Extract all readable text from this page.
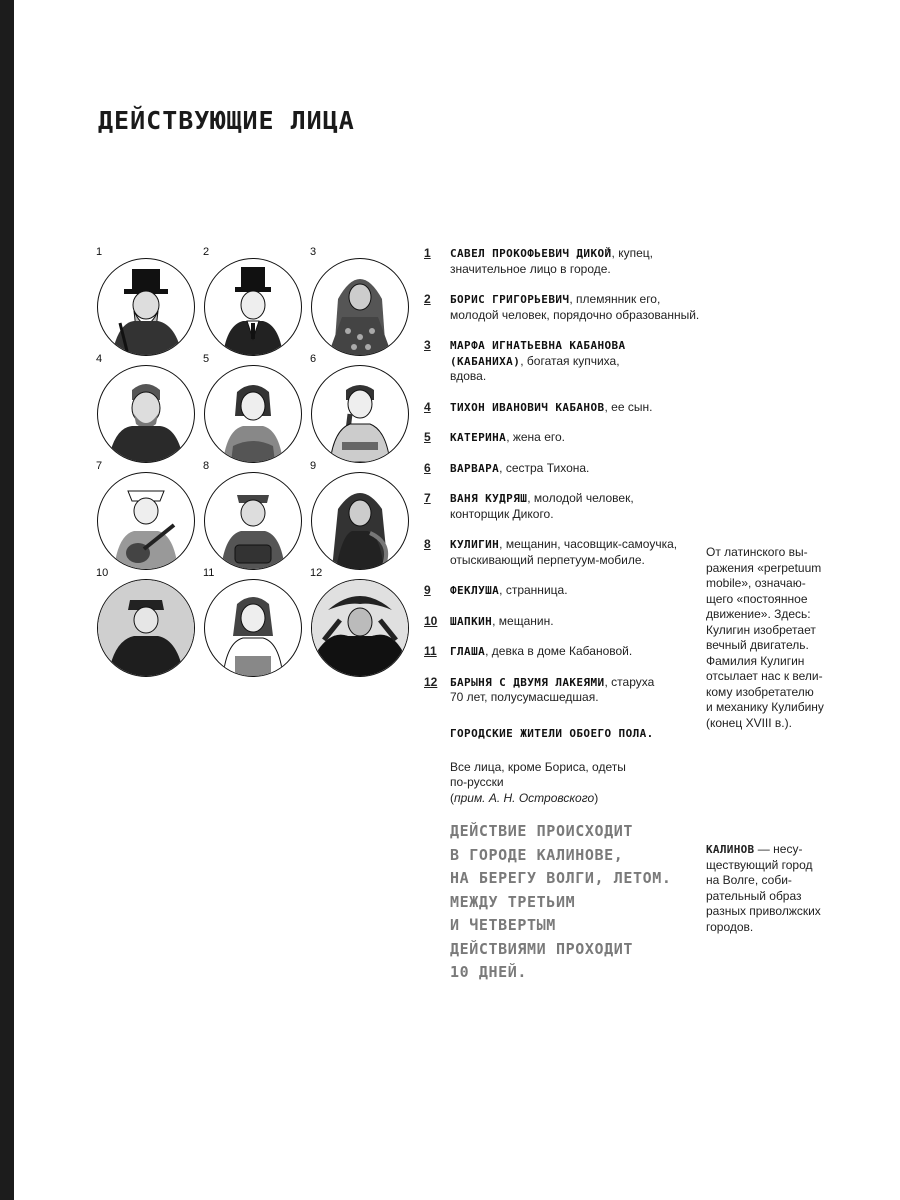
ДЕЙСТВУЮЩИЕ ЛИЦА
1	2	3
4	5	6
7	8	9
10	11	12
1 САВЕЛ ПРОКОФЬЕВИЧ ДИКО́Й, купец, значительное лицо в городе.
2 БОРИС ГРИГОРЬЕВИЧ, племянник его, молодой человек, порядочно образованный.
3 МАРФА ИГНАТЬЕВНА КАБАНОВА (КАБАНИХА), богатая купчиха, вдова.
4 ТИХОН ИВАНОВИЧ КАБАНОВ, ее сын.
5 КАТЕРИНА, жена его.
6 ВАРВАРА, сестра Тихона.
7 ВАНЯ КУДРЯШ, молодой человек, конторщик Дикого.
8 КУЛИГИН, мещанин, часовщик-самоучка, отыскивающий перпетуум-мобиле.
9 ФЕКЛУША, странница.
10 ШАПКИН, мещанин.
11 ГЛАША, девка в доме Кабановой.
12 БАРЫНЯ С ДВУМЯ ЛАКЕЯМИ, старуха 70 лет, полусумасшедшая.
ГОРОДСКИЕ ЖИТЕЛИ ОБОЕГО ПОЛА.
Все лица, кроме Бориса, одеты
по-русски
(прим. А. Н. Островского)
ДЕЙСТВИЕ ПРОИСХОДИТ
В ГОРОДЕ КАЛИНОВЕ,
НА БЕРЕГУ ВОЛГИ, ЛЕТОМ.
МЕЖДУ ТРЕТЬИМ
И ЧЕТВЕРТЫМ
ДЕЙСТВИЯМИ ПРОХОДИТ
10 ДНЕЙ.
От латинского вы-
ражения «perpetuum
mobile», означаю-
щего «постоянное
движение». Здесь:
Кулигин изобретает
вечный двигатель.
Фамилия Кулигин
отсылает нас к вели-
кому изобретателю
и механику Кулибину
(конец XVIII в.).
КАЛИНОВ — несу-
ществующий город
на Волге, соби-
рательный образ
разных приволжских
городов.
